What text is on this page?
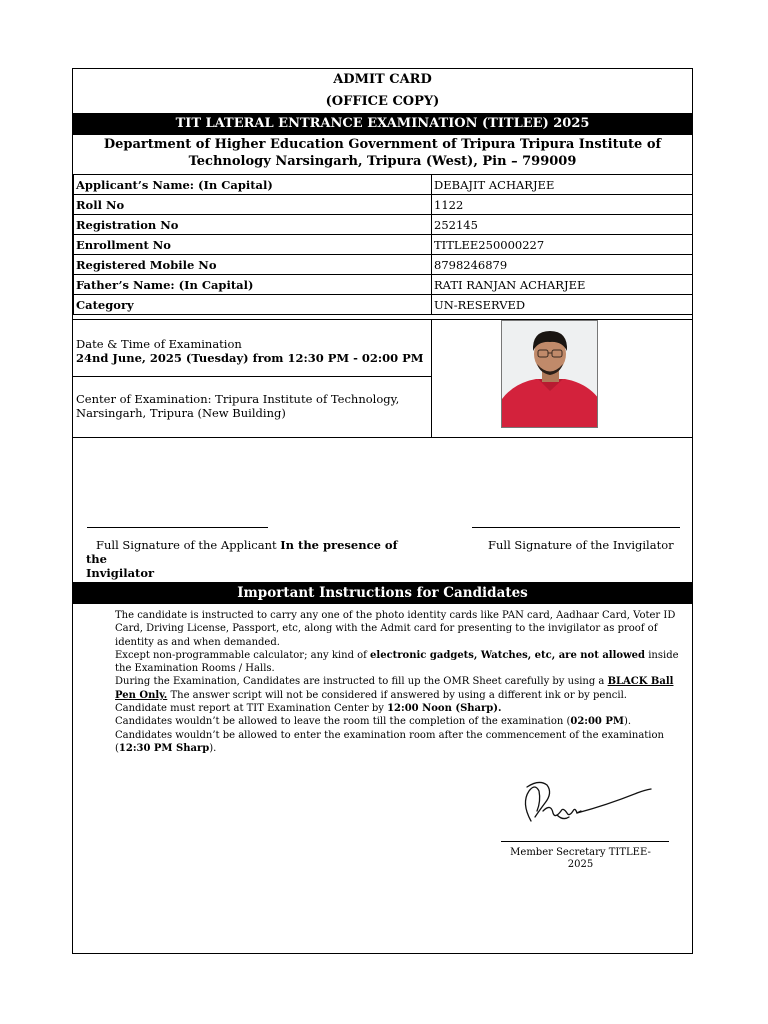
ADMIT CARD
(OFFICE COPY)
TIT LATERAL ENTRANCE EXAMINATION (TITLEE) 2025
Department of Higher Education Government of Tripura Tripura Institute of
Technology Narsingarh, Tripura (West), Pin – 799009
Applicant’s Name: (In Capital)	DEBAJIT ACHARJEE
Roll No	1122
Registration No	252145
Enrollment No	TITLEE250000227
Registered Mobile No	8798246879
Father’s Name: (In Capital)	RATI RANJAN ACHARJEE
Category	UN-RESERVED
Date & Time of Examination
24nd June, 2025 (Tuesday) from 12:30 PM - 02:00 PM
Center of Examination: Tripura Institute of Technology,
Narsingarh, Tripura (New Building)
Full Signature of the Applicant In the presence of the
Invigilator
Full Signature of the Invigilator
Important Instructions for Candidates

The candidate is instructed to carry any one of the photo identity cards like PAN card, Aadhaar Card, Voter ID Card, Driving License, Passport, etc, along with the Admit card for presenting to the invigilator as proof of identity as and when demanded.

Except non-programmable calculator; any kind of electronic gadgets, Watches, etc, are not allowed inside the Examination Rooms / Halls.

During the Examination, Candidates are instructed to fill up the OMR Sheet carefully by using a BLACK Ball Pen Only. The answer script will not be considered if answered by using a different ink or by pencil.

Candidate must report at TIT Examination Center by 12:00 Noon (Sharp).

Candidates wouldn’t be allowed to leave the room till the completion of the examination (02:00 PM).

Candidates wouldn’t be allowed to enter the examination room after the commencement of the examination (12:30 PM Sharp).

Member Secretary TITLEE-
2025
